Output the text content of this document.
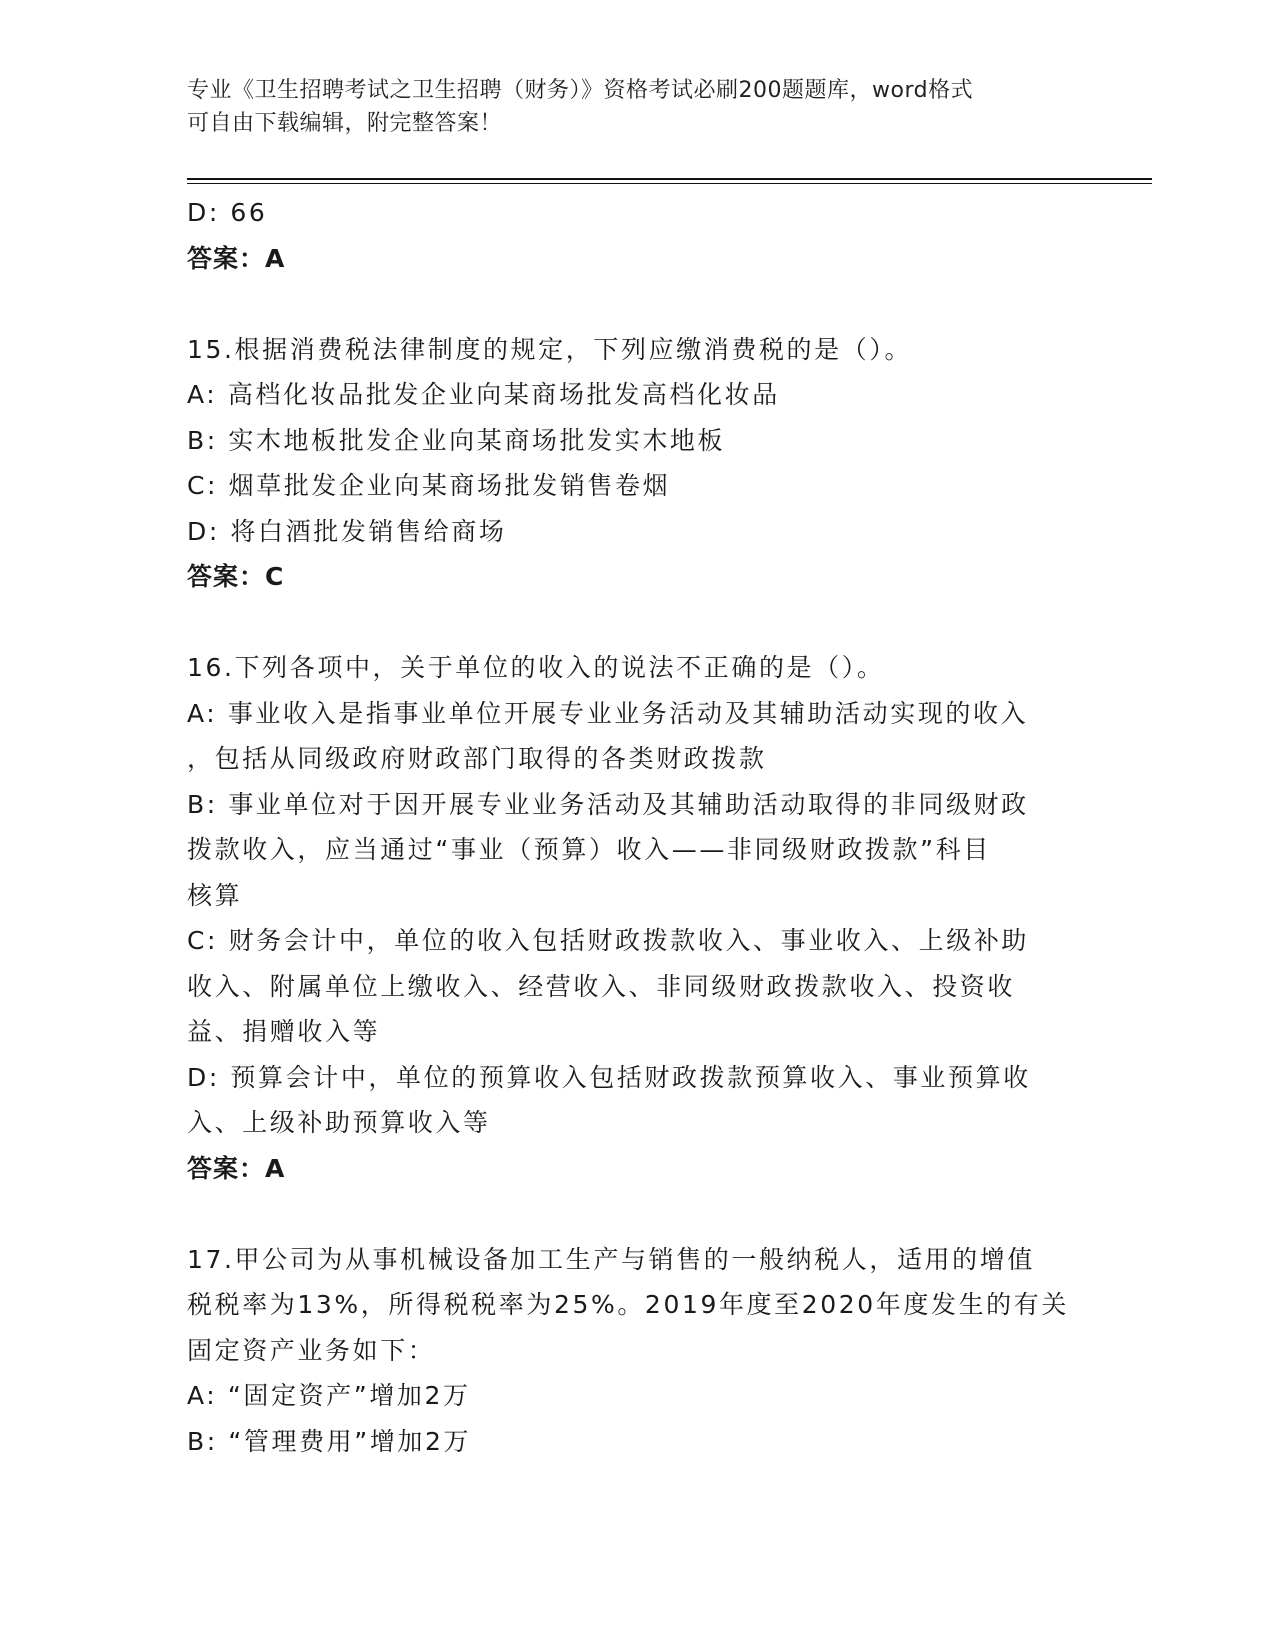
专业《卫生招聘考试之卫生招聘（财务）》资格考试必刷200题题库，word格式
可自由下载编辑，附完整答案！
D: 66
答案：A
15.根据消费税法律制度的规定，下列应缴消费税的是（）。
A: 高档化妆品批发企业向某商场批发高档化妆品
B: 实木地板批发企业向某商场批发实木地板
C: 烟草批发企业向某商场批发销售卷烟
D: 将白酒批发销售给商场
答案：C
16.下列各项中，关于单位的收入的说法不正确的是（）。
A: 事业收入是指事业单位开展专业业务活动及其辅助活动实现的收入
，包括从同级政府财政部门取得的各类财政拨款
B: 事业单位对于因开展专业业务活动及其辅助活动取得的非同级财政
拨款收入，应当通过“事业（预算）收入——非同级财政拨款”科目
核算
C: 财务会计中，单位的收入包括财政拨款收入、事业收入、上级补助
收入、附属单位上缴收入、经营收入、非同级财政拨款收入、投资收
益、捐赠收入等
D: 预算会计中，单位的预算收入包括财政拨款预算收入、事业预算收
入、上级补助预算收入等
答案：A
17.甲公司为从事机械设备加工生产与销售的一般纳税人，适用的增值
税税率为13%，所得税税率为25%。2019年度至2020年度发生的有关
固定资产业务如下：
A: “固定资产”增加2万
B: “管理费用”增加2万
